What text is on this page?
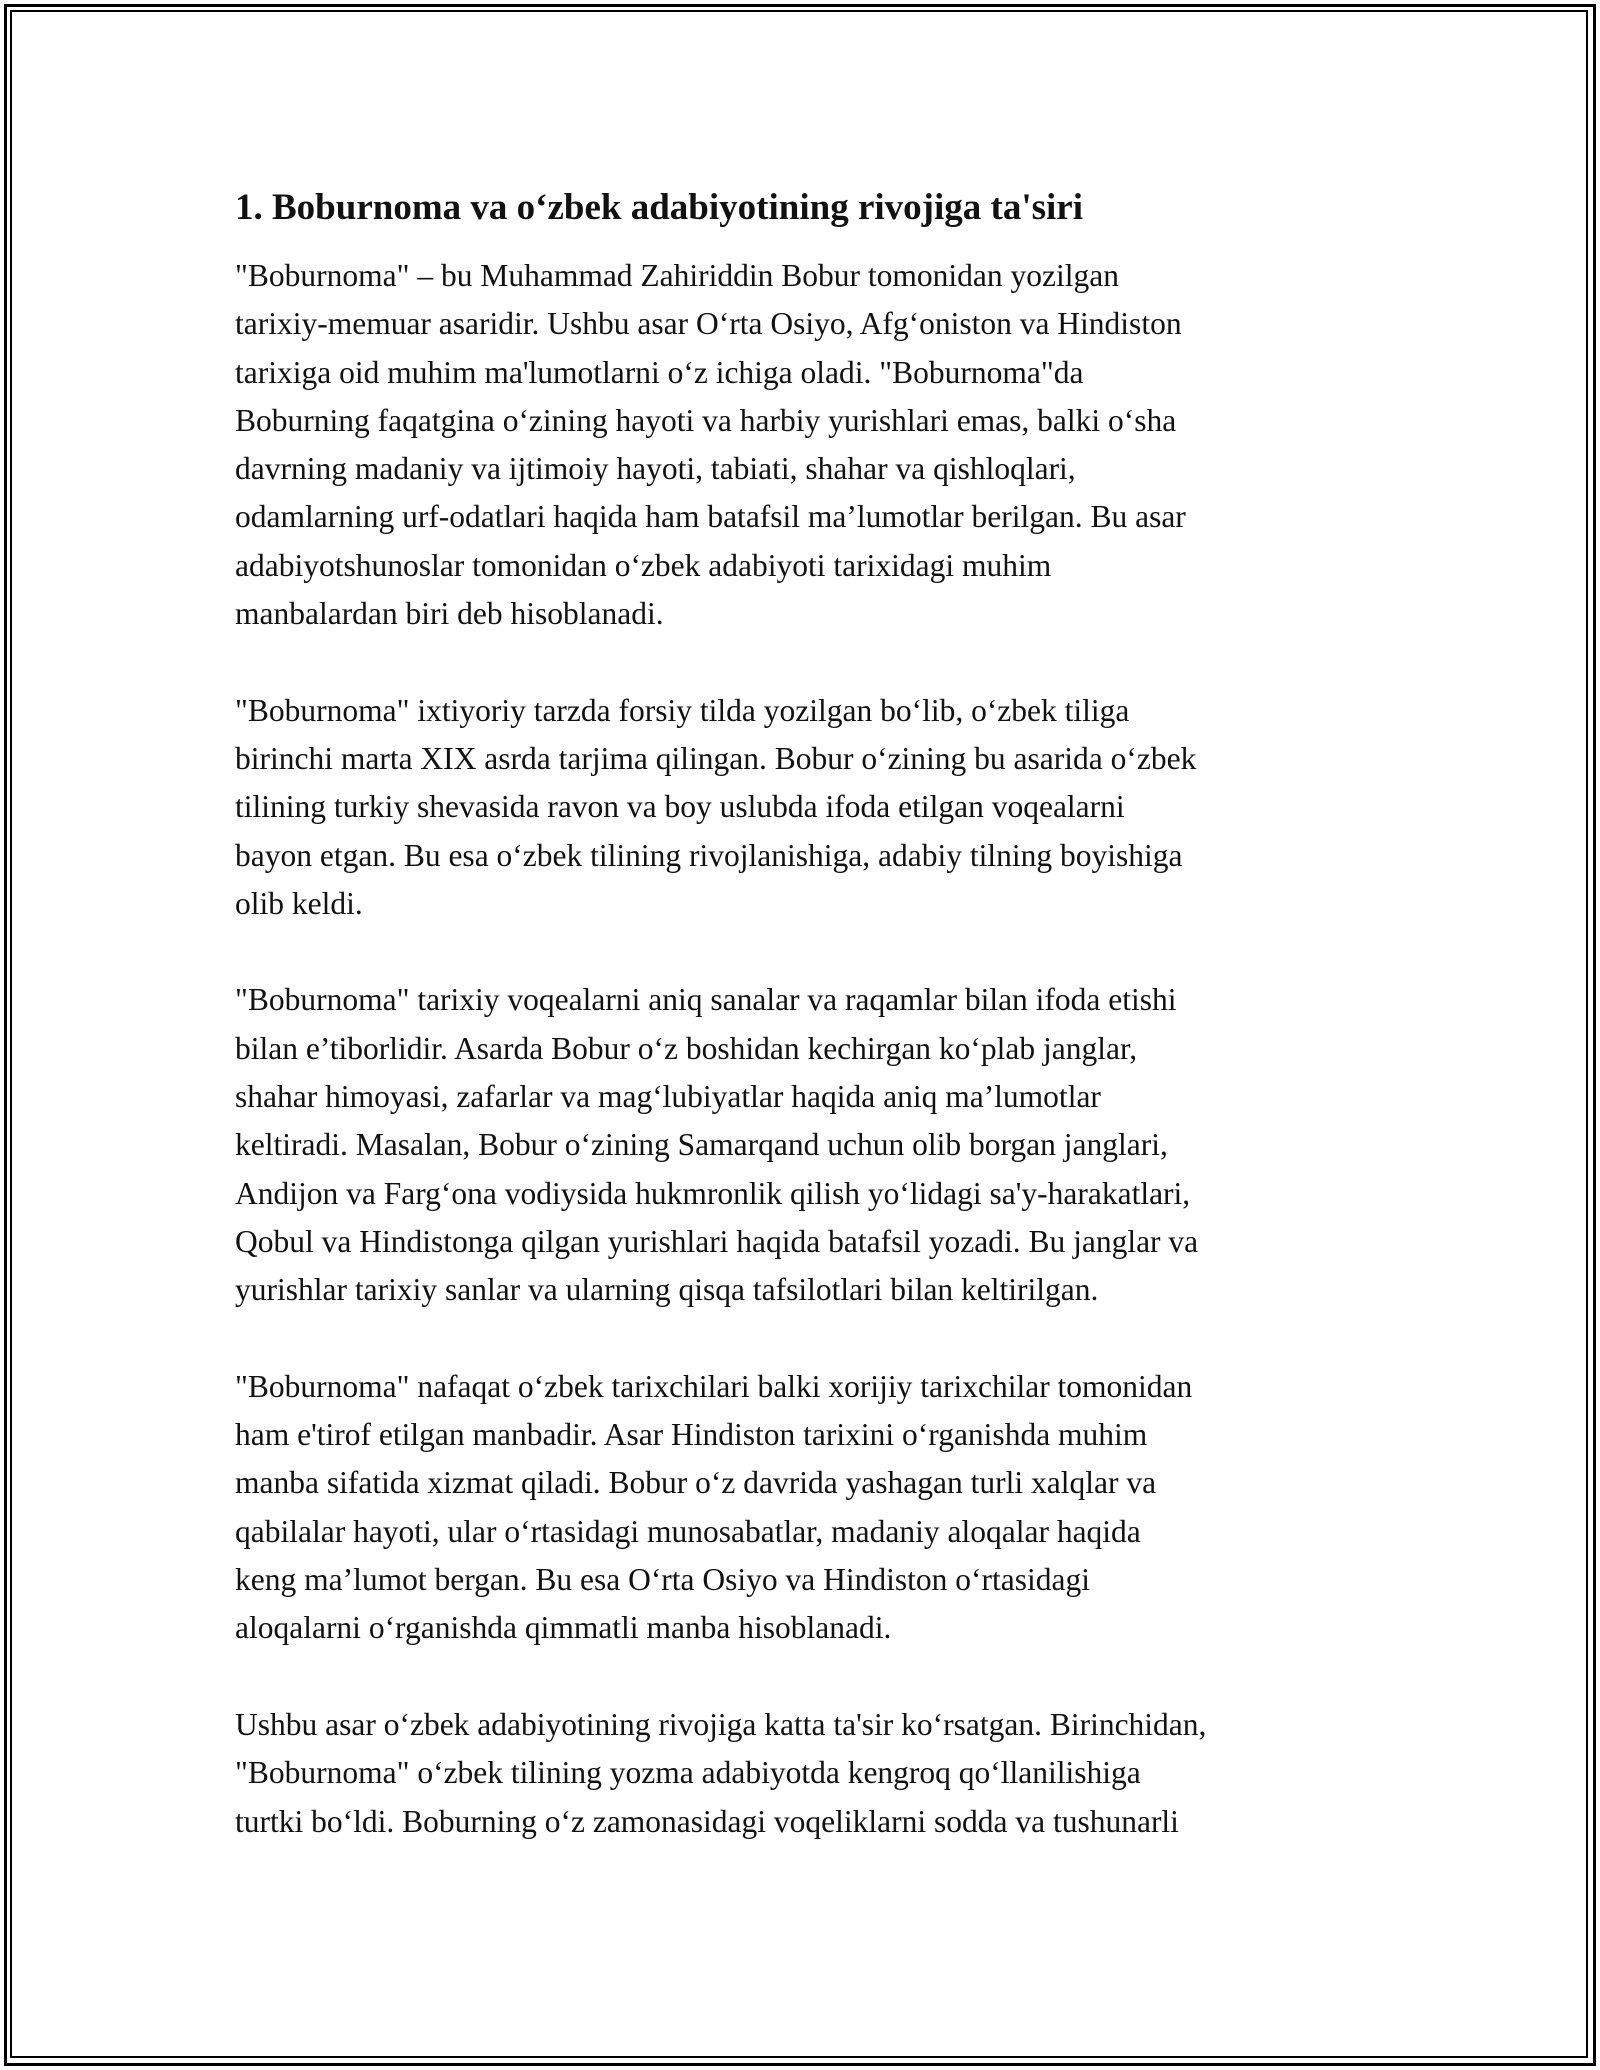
1. Boburnoma va o‘zbek adabiyotining rivojiga ta'siri

"Boburnoma" – bu Muhammad Zahiriddin Bobur tomonidan yozilgan
tarixiy-memuar asaridir. Ushbu asar O‘rta Osiyo, Afg‘oniston va Hindiston
tarixiga oid muhim ma'lumotlarni o‘z ichiga oladi. "Boburnoma"da
Boburning faqatgina o‘zining hayoti va harbiy yurishlari emas, balki o‘sha
davrning madaniy va ijtimoiy hayoti, tabiati, shahar va qishloqlari,
odamlarning urf-odatlari haqida ham batafsil ma’lumotlar berilgan. Bu asar
adabiyotshunoslar tomonidan o‘zbek adabiyoti tarixidagi muhim
manbalardan biri deb hisoblanadi.

"Boburnoma" ixtiyoriy tarzda forsiy tilda yozilgan bo‘lib, o‘zbek tiliga
birinchi marta XIX asrda tarjima qilingan. Bobur o‘zining bu asarida o‘zbek
tilining turkiy shevasida ravon va boy uslubda ifoda etilgan voqealarni
bayon etgan. Bu esa o‘zbek tilining rivojlanishiga, adabiy tilning boyishiga
olib keldi.

"Boburnoma" tarixiy voqealarni aniq sanalar va raqamlar bilan ifoda etishi
bilan e’tiborlidir. Asarda Bobur o‘z boshidan kechirgan ko‘plab janglar,
shahar himoyasi, zafarlar va mag‘lubiyatlar haqida aniq ma’lumotlar
keltiradi. Masalan, Bobur o‘zining Samarqand uchun olib borgan janglari,
Andijon va Farg‘ona vodiysida hukmronlik qilish yo‘lidagi sa'y-harakatlari,
Qobul va Hindistonga qilgan yurishlari haqida batafsil yozadi. Bu janglar va
yurishlar tarixiy sanlar va ularning qisqa tafsilotlari bilan keltirilgan.

"Boburnoma" nafaqat o‘zbek tarixchilari balki xorijiy tarixchilar tomonidan
ham e'tirof etilgan manbadir. Asar Hindiston tarixini o‘rganishda muhim
manba sifatida xizmat qiladi. Bobur o‘z davrida yashagan turli xalqlar va
qabilalar hayoti, ular o‘rtasidagi munosabatlar, madaniy aloqalar haqida
keng ma’lumot bergan. Bu esa O‘rta Osiyo va Hindiston o‘rtasidagi
aloqalarni o‘rganishda qimmatli manba hisoblanadi.

Ushbu asar o‘zbek adabiyotining rivojiga katta ta'sir ko‘rsatgan. Birinchidan,
"Boburnoma" o‘zbek tilining yozma adabiyotda kengroq qo‘llanilishiga
turtki bo‘ldi. Boburning o‘z zamonasidagi voqeliklarni sodda va tushunarli
